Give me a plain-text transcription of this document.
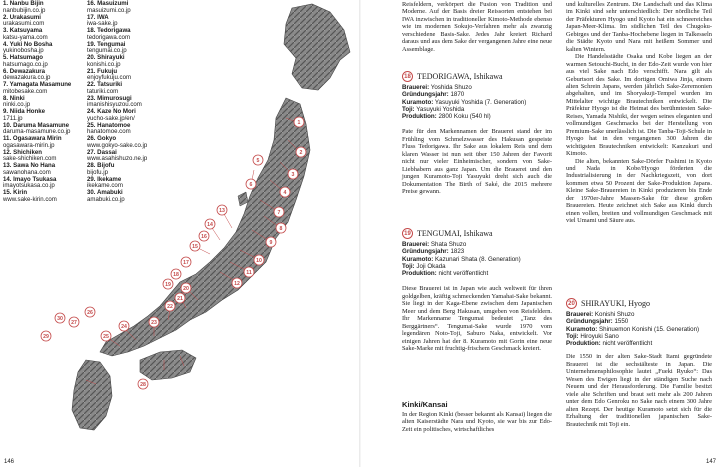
1
2
3
4
5
6
7
8
9
10
11
12
13
14
15
16
17
18
19
20
21
22
23
24
25
26
27
28
29
30
1. Nanbu Bijin
nanbubijin.co.jp
2. Urakasumi
urakasumi.com
3. Katsuyama
katsu-yama.com
4. Yuki No Bosha
yukinobosha.jp
5. Hatsumago
hatsumago.co.jp
6. Dewazakura
dewazakura.co.jp
7. Yamagata Masamune
mitobesake.com
8. Ninki
ninki.co.jp
9. Niida Honke
1711.jp
10. Daruma Masamune
daruma-masamune.co.jp
11. Ogasawara Mirin
ogasawara-mirin.jp
12. Shichiken
sake-shichiken.com
13. Sawa No Hana
sawanohana.com
14. Imayo Tsukasa
imayotsukasa.co.jp
15. Kirin
www.sake-kirin.com
16. Masuizumi
masuizumi.co.jp
17. IWA
iwa-sake.jp
18. Tedorigawa
tedorigawa.com
19. Tengumai
tengumai.co.jp
20. Shirayuki
konishi.co.jp
21. Fukuju
enjoyfukuju.com
22. Tatsuriki
taturiki.com
23. Mimurosugi
imanishisyuzou.com
24. Kaze No Mori
yucho-sake.jp/en/
25. Hanatomoe
hanatomoe.com
26. Gokyo
www.gokyo-sake.co.jp
27. Dassai
www.asahishuzo.ne.jp
28. Bijofu
bijofu.jp
29. Ikekame
ikekame.com
30. Amabuki
amabuki.co.jp

Reisfeldern, verkörpert die Fusion von Tradition und Moderne. Auf der Basis dreier Reissorten entstehen bei IWA inzwischen in traditioneller Kimoto-Methode ebenso wie im modernen Sokujo-Verfahren mehr als zwanzig verschiedene Basis-Sake. Jedes Jahr kreiert Richard daraus und aus dem Sake der vergangenen Jahre eine neue Assemblage.

18 TEDORIGAWA, Ishikawa
Brauerei: Yoshida Shuzo
Gründungsjahr: 1870
Kuramoto: Yasuyuki Yoshida (7. Generation)
Toji: Yasuyuki Yoshida
Produktion: 2800 Koku (540 hl)

Pate für den Markennamen der Brauerei stand der im Frühling vom Schmelzwasser des Hakusan gespeiste Fluss Tedorigawa. Ihr Sake aus lokalem Reis und dem klaren Wasser ist nun seit über 150 Jahren der Favorit nicht nur vieler Einheimischer, sondern von Sake-Liebhabern aus ganz Japan. Um die Brauerei und den jungen Kuramoto-Toji Yasuyuki dreht sich auch die Dokumentation The Birth of Saké, die 2015 mehrere Preise gewann.

19 TENGUMAI, Ishikawa
Brauerei: Shata Shuzo
Gründungsjahr: 1823
Kuramoto: Kazunari Shata (8. Generation)
Toji: Joji Okada
Produktion: nicht veröffentlicht

Diese Brauerei ist in Japan wie auch weltweit für ihren goldgelben, kräftig schmeckenden Yamahai-Sake bekannt. Sie liegt in der Kaga-Ebene zwischen dem Japanischen Meer und dem Berg Hakusan, umgeben von Reisfeldern. Ihr Markenname Tengumai bedeutet „Tanz des Berggärtners“. Tengumai-Sake wurde 1970 vom legendären Noto-Toji, Saburo Naka, entwickelt. Vor einigen Jahren hat der 8. Kuramoto mit Gorin eine neue Sake-Marke mit fruchtig-frischem Geschmack kreiert.

Kinki/Kansai

In der Region Kinki (besser bekannt als Kansai) liegen die alten Kaiserstädte Nara und Kyoto, sie war bis zur Edo-Zeit ein politisches, wirtschaftliches

und kulturelles Zentrum. Die Landschaft und das Klima im Kinki sind sehr unterschiedlich: Der nördliche Teil der Präfekturen Hyogo und Kyoto hat ein schneereiches Japan-Meer-Klima. Im südlichen Teil des Chugoku-Gebirges und der Tanba-Hochebene liegen in Talkesseln die Städte Kyoto und Nara mit heißem Sommer und kalten Wintern.

Die Handelsstädte Osaka und Kobe liegen an der warmen Setouchi-Bucht, in der Edo-Zeit wurde von hier aus viel Sake nach Edo verschifft. Nara gilt als Geburtsort des Sake. Im dortigen Omiwa Jinja, einem alten Schrein Japans, werden jährlich Sake-Zeremonien abgehalten, und im Shoryakuji-Tempel wurden im Mittelalter wichtige Brautechniken entwickelt. Die Präfektur Hyogo ist die Heimat des berühmtesten Sake-Reises, Yamada Nishiki, der wegen seines eleganten und vollmundigen Geschmacks bei der Herstellung von Premium-Sake unerlässlich ist. Die Tanba-Toji-Schule in Hyogo hat in den vergangenen 300 Jahren die wichtigsten Brautechniken entwickelt: Kanzukuri und Kimoto.

Die alten, bekannten Sake-Dörfer Fushimi in Kyoto und Nada in Kobe/Hyogo förderten die Industrialisierung in der Nachkriegszeit, von dort kommen etwa 50 Prozent der Sake-Produktion Japans. Kleine Sake-Brauereien in Kinki produzieren bis Ende der 1970er-Jahre Massen-Sake für diese großen Brauereien. Heute zeichnet sich Sake aus Kinki durch einen vollen, breiten und vollmundigen Geschmack mit viel Umami und Säure aus.

20 SHIRAYUKI, Hyogo
Brauerei: Konishi Shuzo
Gründungsjahr: 1550
Kuramoto: Shinuemon Konishi (15. Generation)
Toji: Hiroyuki Sano
Produktion: nicht veröffentlicht

Die 1550 in der alten Sake-Stadt Itami gegründete Brauerei ist die sechstälteste in Japan. Die Unternehmensphilosophie lautet „Fueki Ryuko“: Das Wesen des Ewigen liegt in der ständigen Suche nach Neuem und der Herausforderung. Die Familie besitzt viele alte Schriften und braut seit mehr als 200 Jahren unter dem Edo Genroku no Sake nach einem 300 Jahre alten Rezept. Der heutige Kuramoto setzt sich für die Erhaltung der traditionellen japanischen Sake-Brautechnik mit Toji ein.

146	147
